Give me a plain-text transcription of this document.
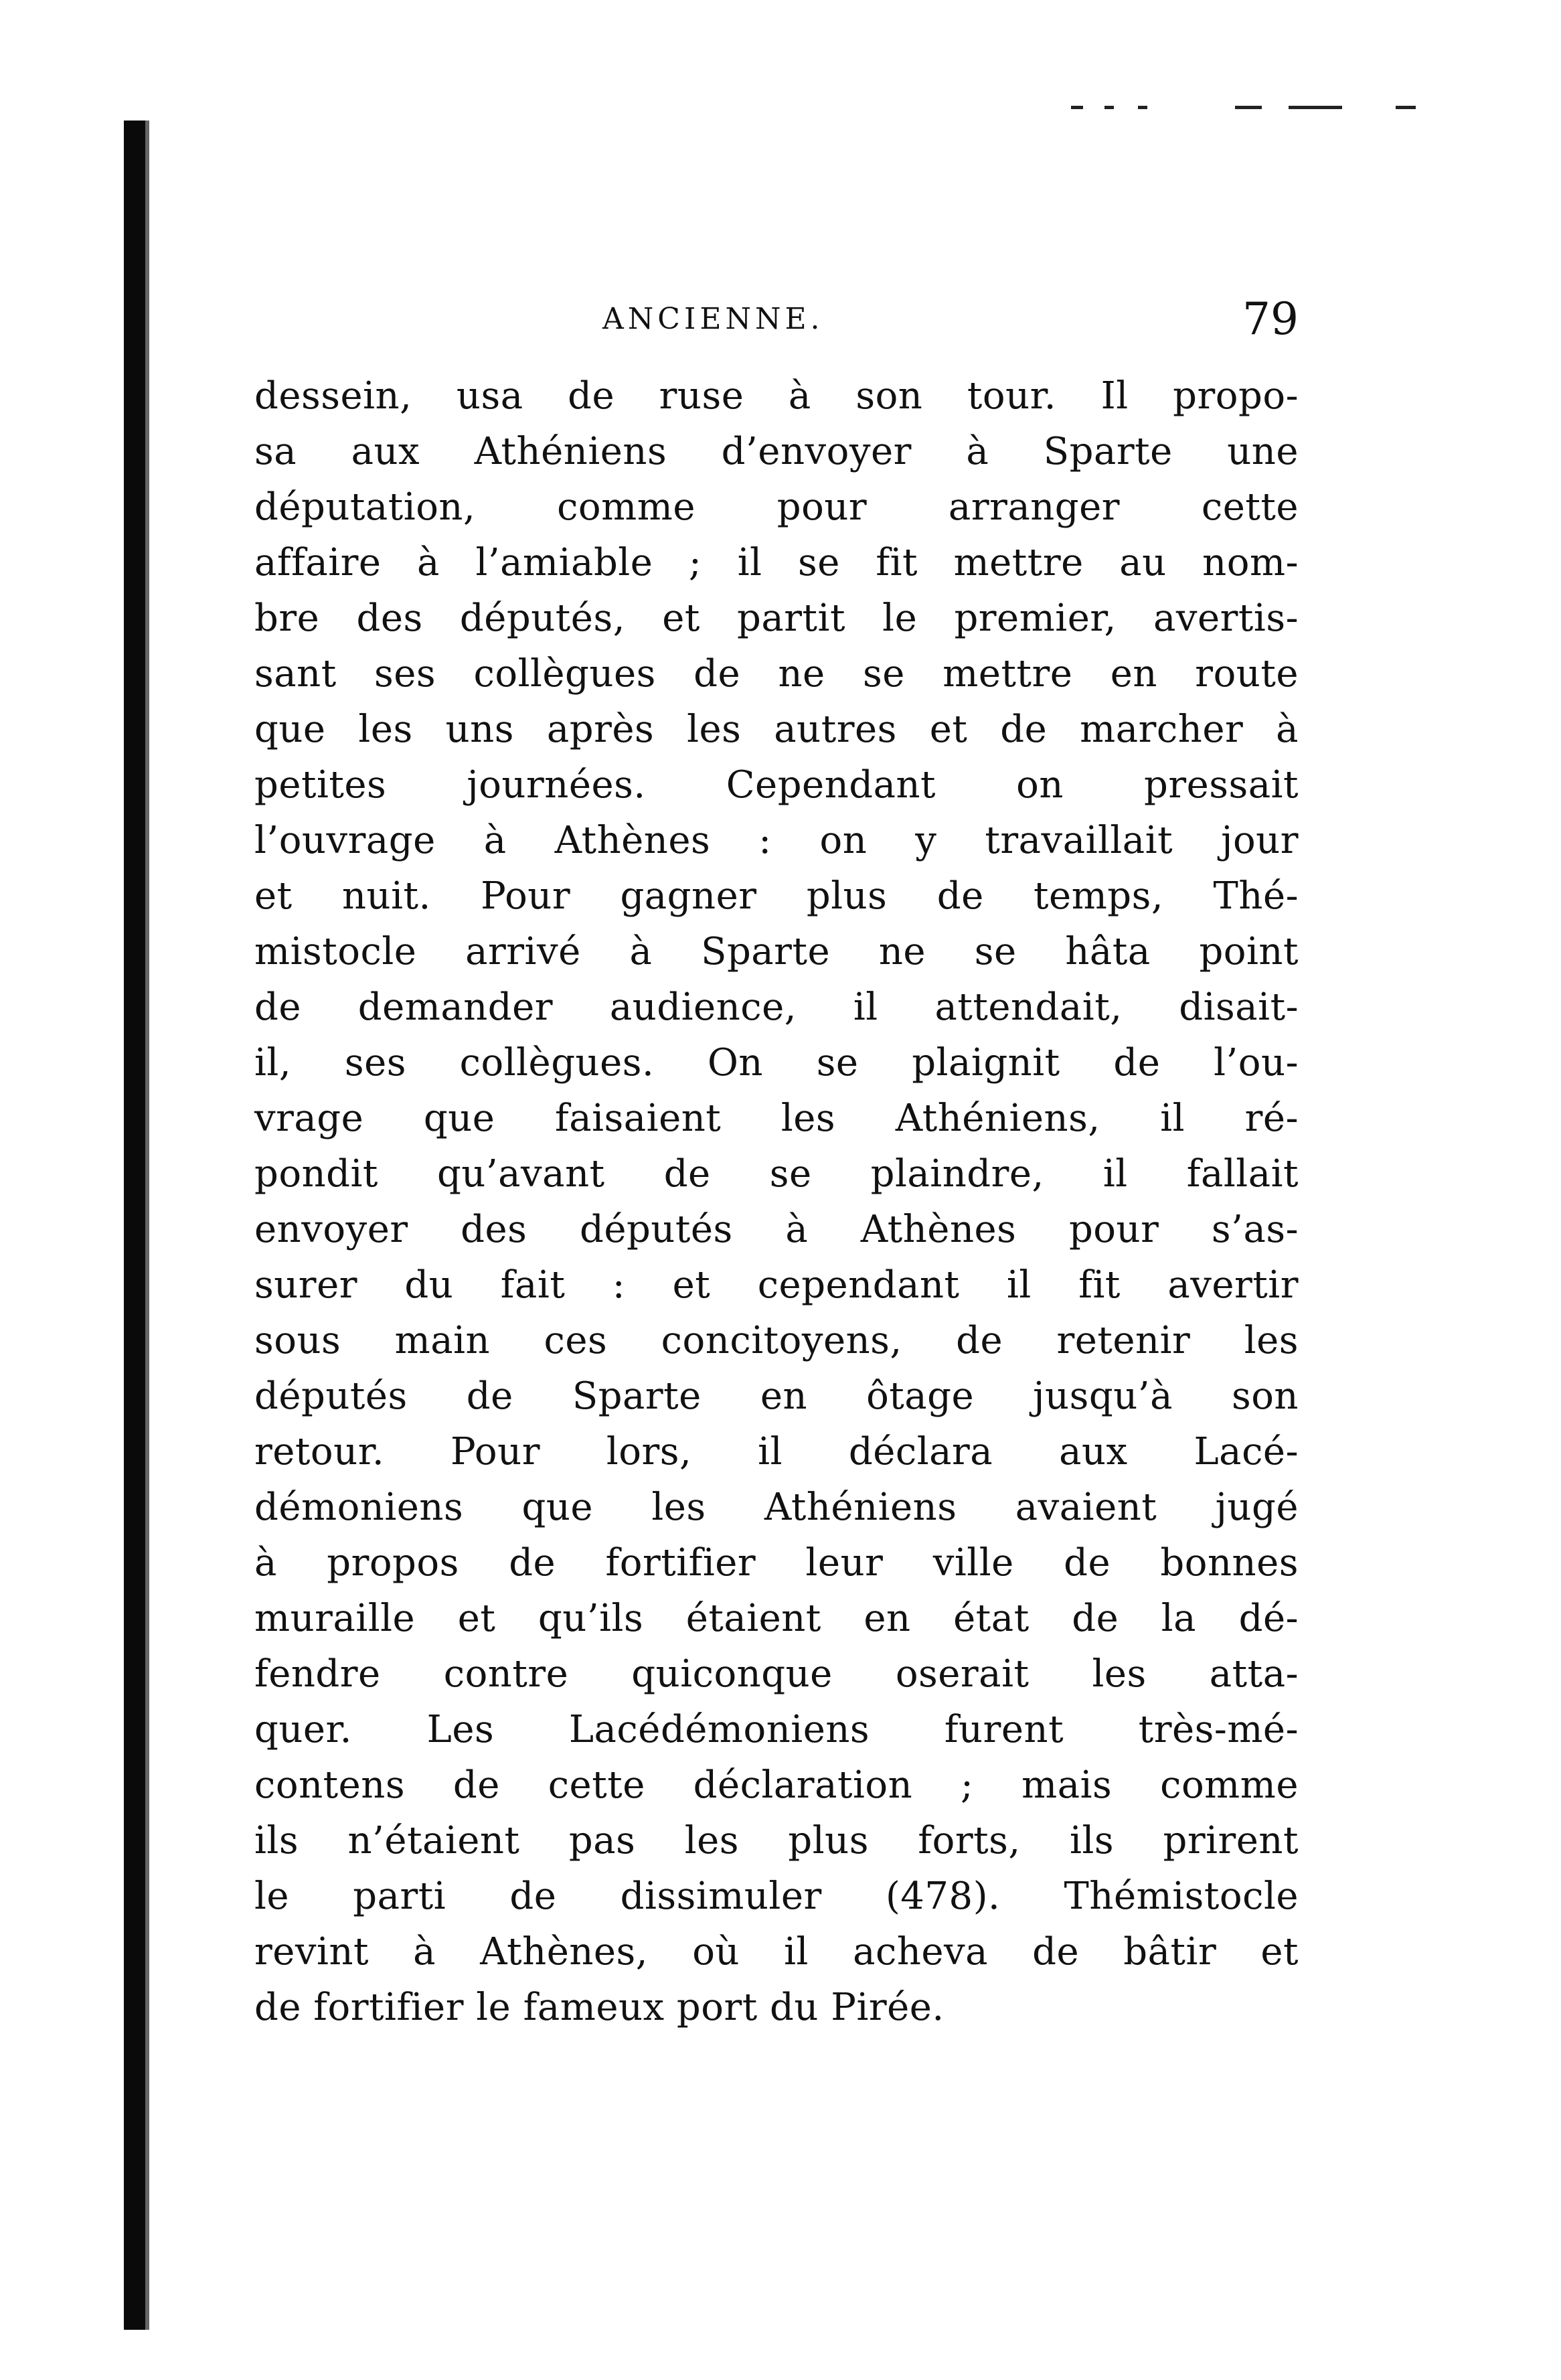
ANCIENNE.	79
dessein, usa de ruse à son tour. Il propo-
sa aux Athéniens d’envoyer à Sparte une
députation, comme pour arranger cette
affaire à l’amiable ; il se fit mettre au nom-
bre des députés, et partit le premier, avertis-
sant ses collègues de ne se mettre en route
que les uns après les autres et de marcher à
petites journées. Cependant on pressait
l’ouvrage à Athènes : on y travaillait jour
et nuit. Pour gagner plus de temps, Thé-
mistocle arrivé à Sparte ne se hâta point
de demander audience, il attendait, disait-
il, ses collègues. On se plaignit de l’ou-
vrage que faisaient les Athéniens, il ré-
pondit qu’avant de se plaindre, il fallait
envoyer des députés à Athènes pour s’as-
surer du fait : et cependant il fit avertir
sous main ces concitoyens, de retenir les
députés de Sparte en ôtage jusqu’à son
retour. Pour lors, il déclara aux Lacé-
démoniens que les Athéniens avaient jugé
à propos de fortifier leur ville de bonnes
muraille et qu’ils étaient en état de la dé-
fendre contre quiconque oserait les atta-
quer. Les Lacédémoniens furent très-mé-
contens de cette déclaration ; mais comme
ils n’étaient pas les plus forts, ils prirent
le parti de dissimuler (478). Thémistocle
revint à Athènes, où il acheva de bâtir et
de fortifier le fameux port du Pirée.
